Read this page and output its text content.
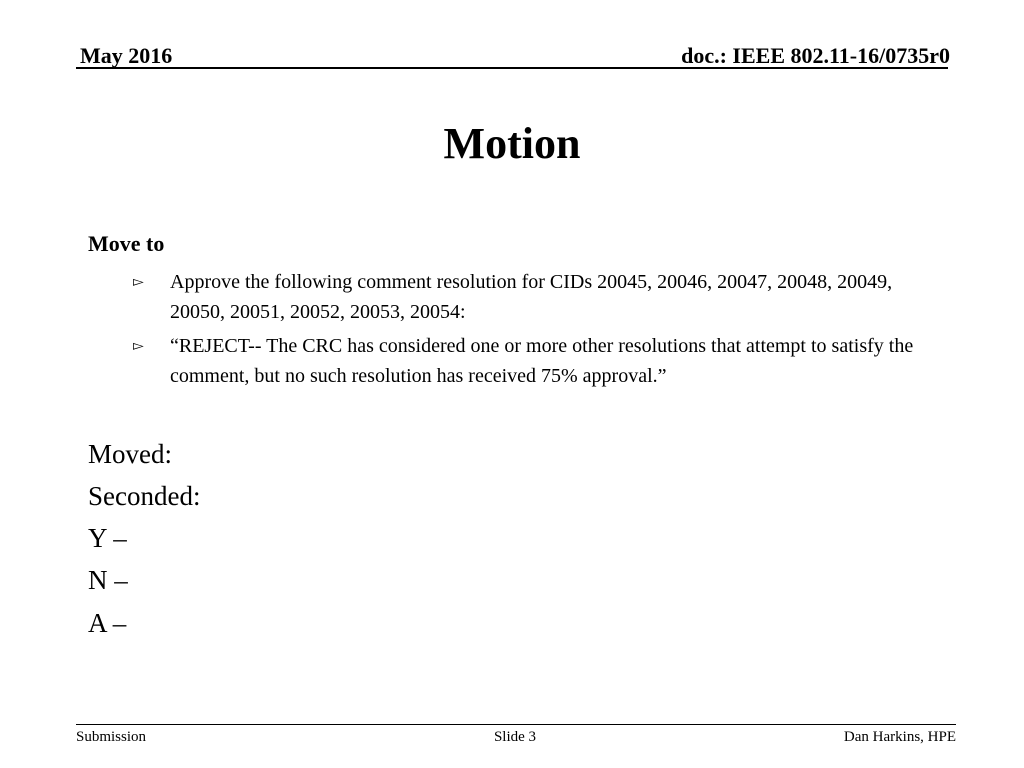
May 2016	doc.: IEEE 802.11-16/0735r0
Motion
Move to
▻ Approve the following comment resolution for CIDs 20045, 20046, 20047, 20048, 20049, 20050, 20051, 20052, 20053, 20054:
▻ “REJECT-- The CRC has considered one or more other resolutions that attempt to satisfy the comment, but no such resolution has received 75% approval.”
Moved:
Seconded:
Y –
N –
A –
Submission	Slide 3	Dan Harkins, HPE
